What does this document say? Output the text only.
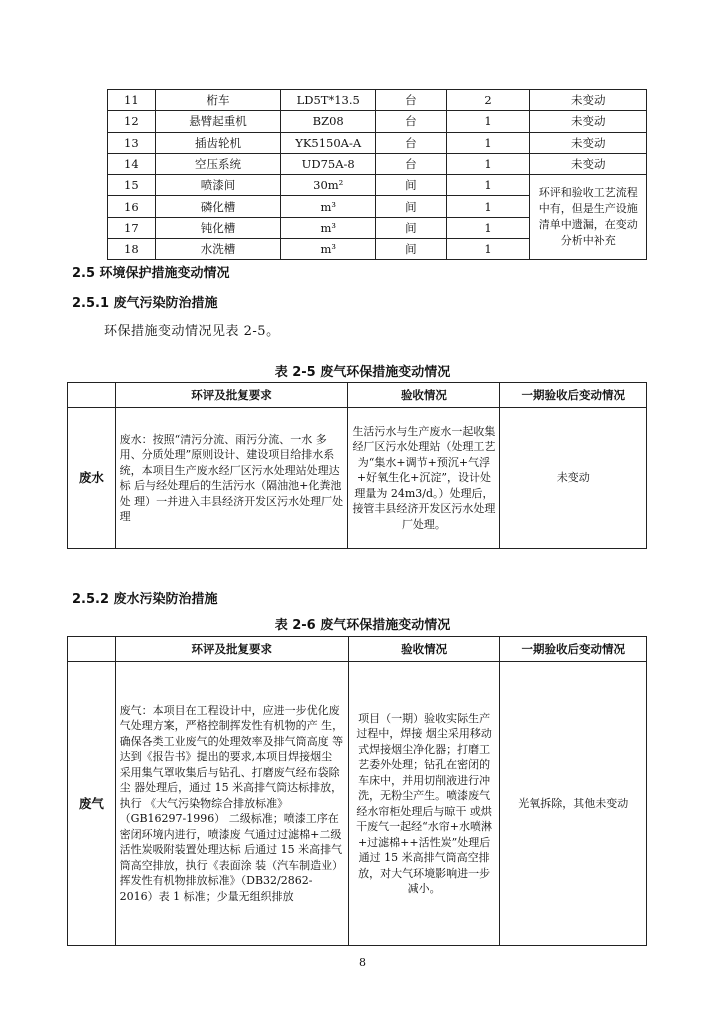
11	桁车	LD5T*13.5	台	2	未变动
12	悬臂起重机	BZ08	台	1	未变动
13	插齿轮机	YK5150A-A	台	1	未变动
14	空压系统	UD75A-8	台	1	未变动
15	喷漆间	30m²	间	1	环评和验收工艺流程中有，但是生产设施清单中遗漏，在变动分析中补充
16	磷化槽	m³	间	1	
17	钝化槽	m³	间	1	
18	水洗槽	m³	间	1	
2.5 环境保护措施变动情况
2.5.1 废气污染防治措施
环保措施变动情况见表 2-5。
表 2-5 废气环保措施变动情况
	环评及批复要求	验收情况	一期验收后变动情况
废水	废水：按照“清污分流、雨污分流、一水 多用、分质处理”原则设计、建设项目给排水系 统，本项目生产废水经厂区污水处理站处理达标 后与经处理后的生活污水（隔油池+化粪池处 理）一并进入丰县经济开发区污水处理厂处理	生活污水与生产废水一起收集经厂区污水处理站（处理工艺为“集水+调节+预沉+气浮+好氧生化+沉淀”，设计处理量为 24m3/d。）处理后，接管丰县经济开发区污水处理厂处理。	未变动
2.5.2 废水污染防治措施
表 2-6 废气环保措施变动情况
	环评及批复要求	验收情况	一期验收后变动情况
废气	废气：本项目在工程设计中，应进一步优化废气处理方案，严格控制挥发性有机物的产 生，确保各类工业废气的处理效率及排气筒高度 等达到《报告书》提出的要求,本项目焊接烟尘 采用集气罩收集后与钻孔、打磨废气经布袋除尘 器处理后，通过 15 米高排气筒达标排放，执行 《大气污染物综合排放标准》（GB16297-1996） 二级标准；喷漆工序在密闭环境内进行，喷漆废 气通过过滤棉+二级活性炭吸附装置处理达标 后通过 15 米高排气筒高空排放，执行《表面涂 装（汽车制造业）挥发性有机物排放标准》（DB32/2862-2016）表 1 标准；少量无组织排放	项目（一期）验收实际生产过程中，焊接 烟尘采用移动式焊接烟尘净化器；打磨工艺委外处理；钻孔在密闭的车床中，并用切削液进行冲洗，无粉尘产生。喷漆废气经水帘柜处理后与晾干 或烘干废气一起经“水帘+水喷淋+过滤棉++活性炭”处理后通过 15 米高排气筒高空排放，对大气环境影响进一步减小。	光氧拆除，其他未变动
8
